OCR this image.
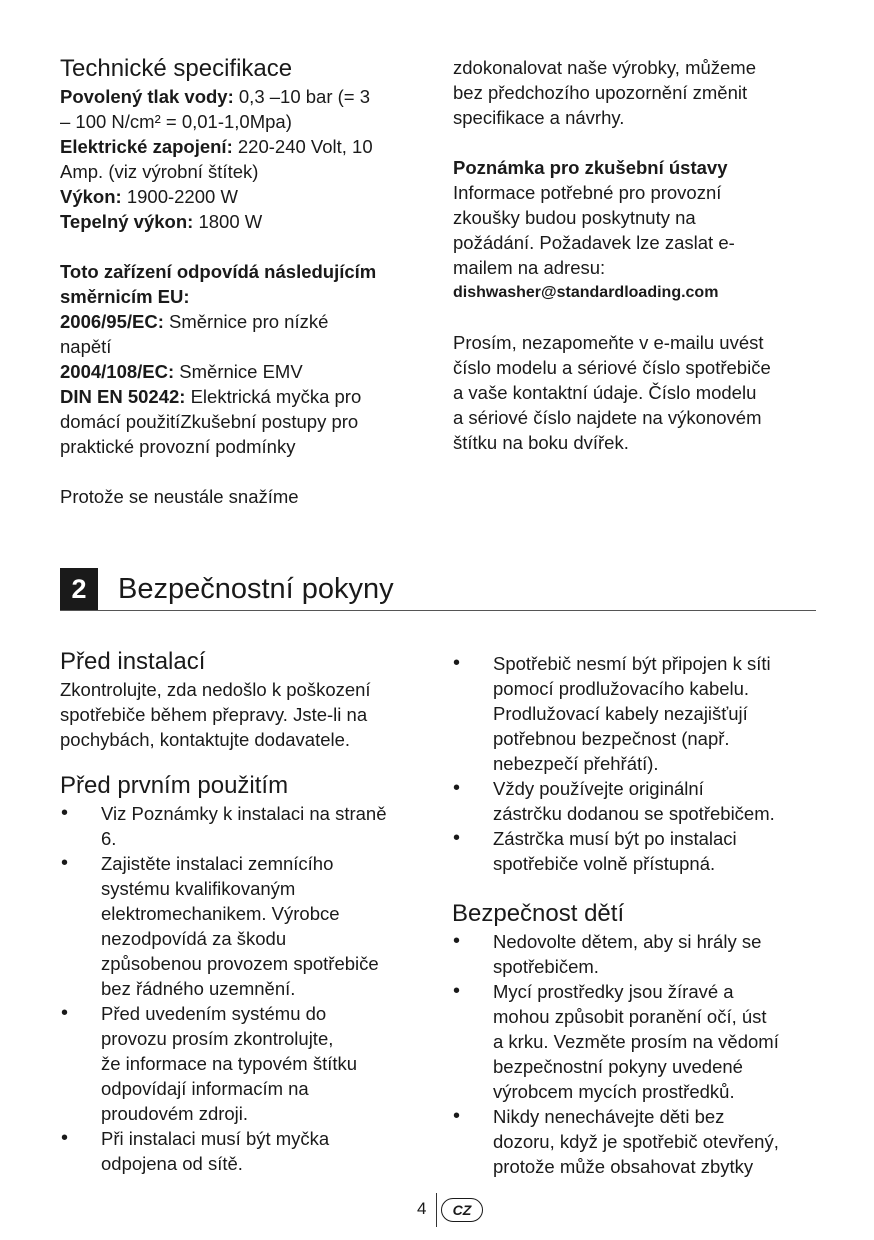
Technické specifikace

Povolený tlak vody: 0,3 –10 bar (= 3

– 100 N/cm² = 0,01-1,0Mpa)

Elektrické zapojení: 220-240 Volt, 10

Amp. (viz výrobní štítek)

Výkon: 1900-2200 W

Tepelný výkon: 1800 W

Toto zařízení odpovídá následujícím

směrnicím EU:

2006/95/EC: Směrnice pro nízké

napětí

2004/108/EC: Směrnice EMV

DIN EN 50242: Elektrická myčka pro

domácí použitíZkušební postupy pro

praktické provozní podmínky

Protože se neustále snažíme

zdokonalovat naše výrobky, můžeme

bez předchozího upozornění změnit

specifikace a návrhy.

Poznámka pro zkušební ústavy

Informace potřebné pro provozní

zkoušky budou poskytnuty na

požádání. Požadavek lze zaslat e-

mailem na adresu:

dishwasher@standardloading.com

Prosím, nezapomeňte v e-mailu uvést

číslo modelu a sériové číslo spotřebiče

a vaše kontaktní údaje. Číslo modelu

a sériové číslo najdete na výkonovém

štítku na boku dvířek.

2	Bezpečnostní pokyny
Před instalací

Zkontrolujte, zda nedošlo k poškození

spotřebiče během přepravy. Jste-li na

pochybách, kontaktujte dodavatele.

Před prvním použitím

• Viz Poznámky k instalaci na straně

6.

• Zajistěte instalaci zemnícího

systému kvalifikovaným

elektromechanikem. Výrobce

nezodpovídá za škodu

způsobenou provozem spotřebiče

bez řádného uzemnění.

• Před uvedením systému do

provozu prosím zkontrolujte,

že informace na typovém štítku

odpovídají informacím na

proudovém zdroji.

• Při instalaci musí být myčka

odpojena od sítě.

• Spotřebič nesmí být připojen k síti

pomocí prodlužovacího kabelu.

Prodlužovací kabely nezajišťují

potřebnou bezpečnost (např.

nebezpečí přehřátí).

• Vždy používejte originální

zástrčku dodanou se spotřebičem.

• Zástrčka musí být po instalaci

spotřebiče volně přístupná.

Bezpečnost dětí

• Nedovolte dětem, aby si hrály se

spotřebičem.

• Mycí prostředky jsou žíravé a

mohou způsobit poranění očí, úst

a krku. Vezměte prosím na vědomí

bezpečnostní pokyny uvedené

výrobcem mycích prostředků.

• Nikdy nenechávejte děti bez

dozoru, když je spotřebič otevřený,

protože může obsahovat zbytky

4	CZ
